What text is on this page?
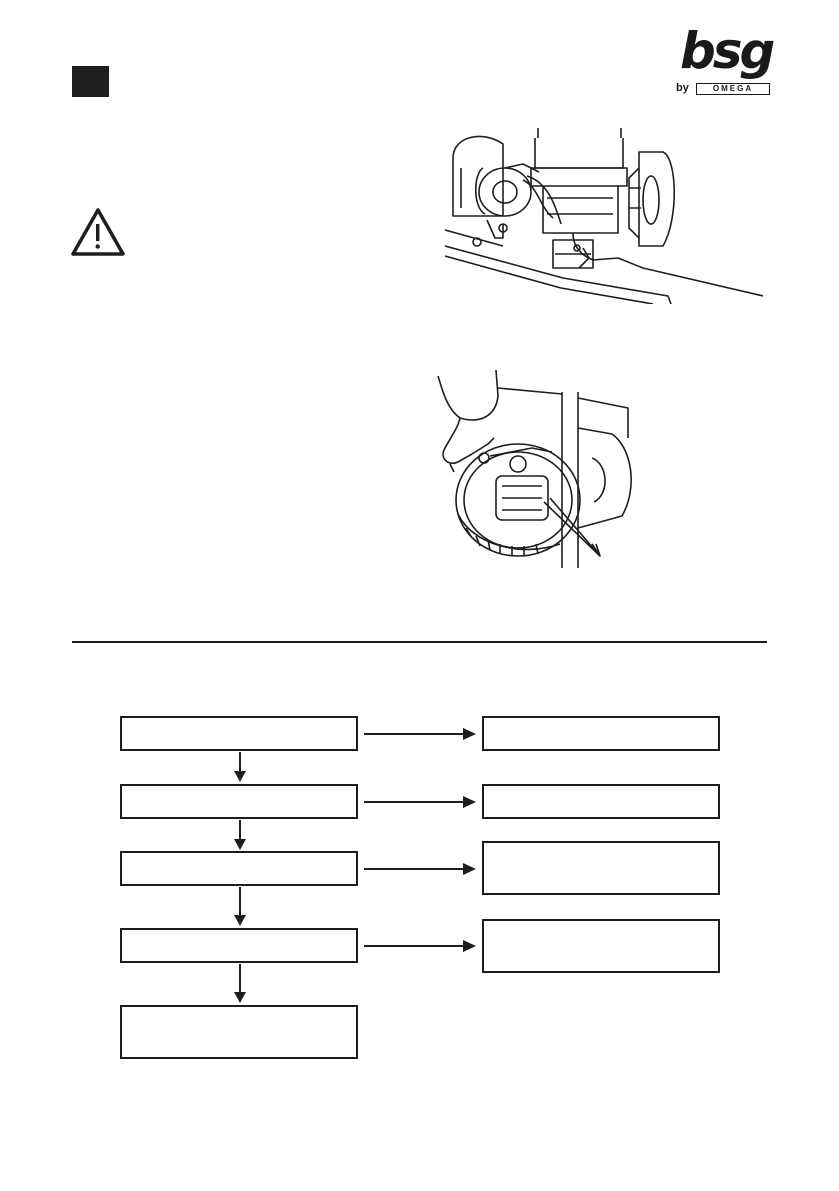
bsg
by	OMEGA
